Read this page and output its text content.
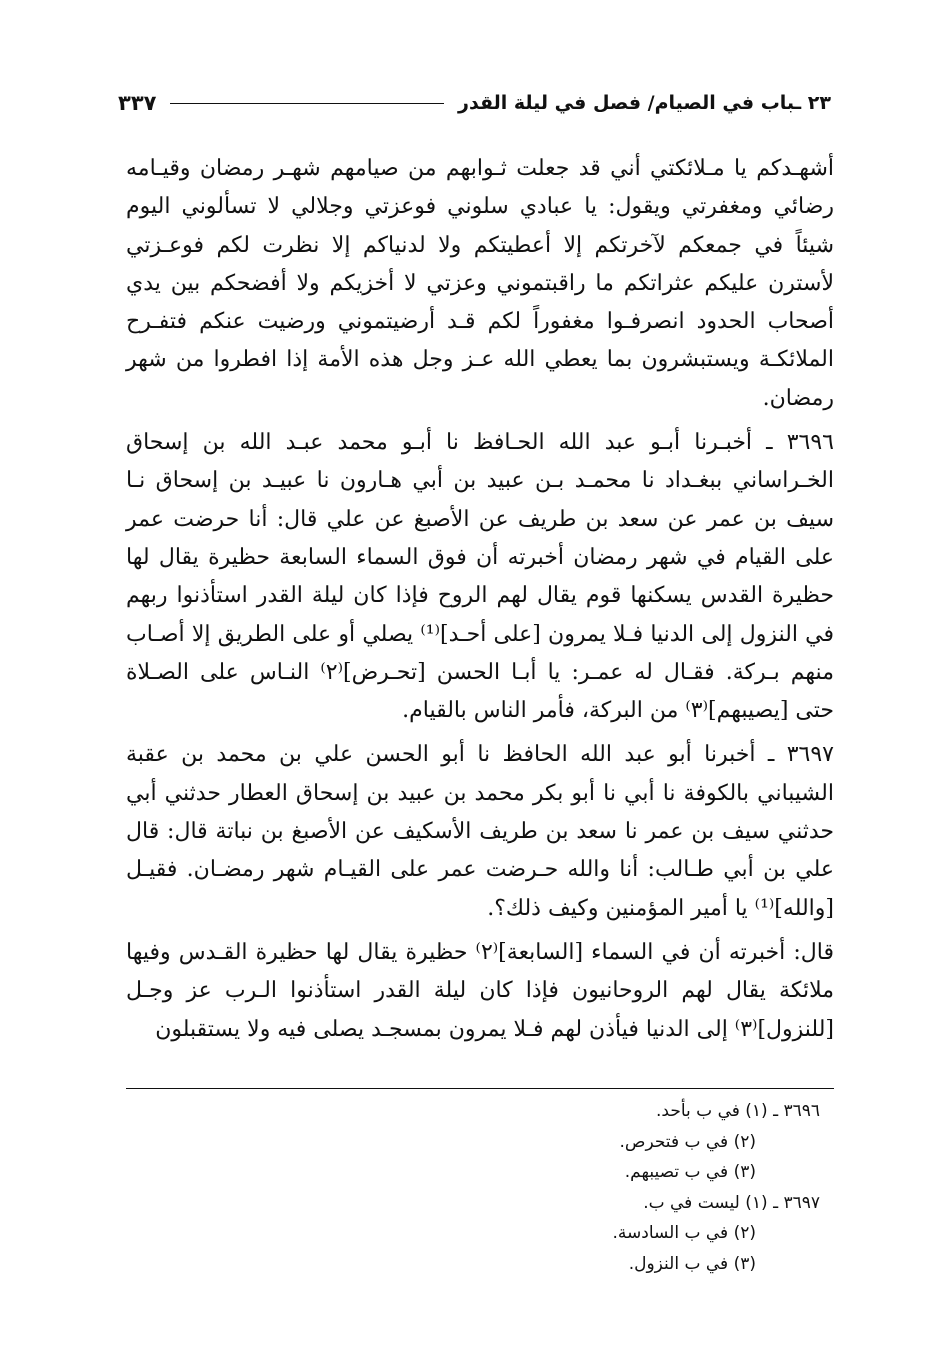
٢٣ ـباب في الصيام/ فصل في ليلة القدر
٣٣٧

أشهـدكم يا مـلائكتي أني قد جعلت ثـوابهم من صيامهم شهـر رمضان وقيـامه رضائي ومغفرتي ويقول: يا عبادي سلوني فوعزتي وجلالي لا تسألوني اليوم شيئاً في جمعكم لآخرتكم إلا أعطيتكم ولا لدنياكم إلا نظرت لكم فوعـزتي لأسترن عليكم عثراتكم ما راقبتموني وعزتي لا أخزيكم ولا أفضحكم بين يدي أصحاب الحدود انصرفـوا مغفوراً لكم قـد أرضيتموني ورضيت عنكم فتفـرح الملائكـة ويستبشرون بما يعطي الله عـز وجل هذه الأمة إذا افطروا من شهر رمضان.

٣٦٩٦ ـ أخبـرنا أبـو عبد الله الحـافظ نا أبـو محمد عبـد الله بن إسحاق الخـراساني ببغـداد نا محمـد بـن عبيد بن أبي هـارون نا عبيـد بن إسحاق نـا سيف بن عمر عن سعد بن طريف عن الأصبغ عن علي قال: أنا حرضت عمر على القيام في شهر رمضان أخبرته أن فوق السماء السابعة حظيرة يقال لها حظيرة القدس يسكنها قوم يقال لهم الروح فإذا كان ليلة القدر استأذنوا ربهم في النزول إلى الدنيا فـلا يمرون [على أحـد]⁽¹⁾ يصلي أو على الطريق إلا أصـاب منهم بـركة. فقـال له عمـر: يا أبـا الحسن [تحـرض]⁽٢⁾ النـاس على الصـلاة حتى [يصيبهم]⁽٣⁾ من البركة، فأمر الناس بالقيام.

٣٦٩٧ ـ أخبرنا أبو عبد الله الحافظ نا أبو الحسن علي بن محمد بن عقبة الشيباني بالكوفة نا أبي نا أبو بكر محمد بن عبيد بن إسحاق العطار حدثني أبي حدثني سيف بن عمر نا سعد بن طريف الأسكيف عن الأصبغ بن نباتة قال: قال علي بن أبي طـالب: أنا والله حـرضت عمر على القيـام شهر رمضـان. فقيـل [والله]⁽¹⁾ يا أمير المؤمنين وكيف ذلك؟.

قال: أخبرته أن في السماء [السابعة]⁽٢⁾ حظيرة يقال لها حظيرة القـدس وفيها ملائكة يقال لهم الروحانيون فإذا كان ليلة القدر استأذنوا الـرب عز وجـل [للنزول]⁽٣⁾ إلى الدنيا فيأذن لهم فـلا يمرون بمسجـد يصلى فيه ولا يستقبلون

٣٦٩٦ ـ (١) في ب بأحد.
(٢) في ب فتحرص.
(٣) في ب تصيبهم.
٣٦٩٧ ـ (١) ليست في ب.
(٢) في ب السادسة.
(٣) في ب النزول.
